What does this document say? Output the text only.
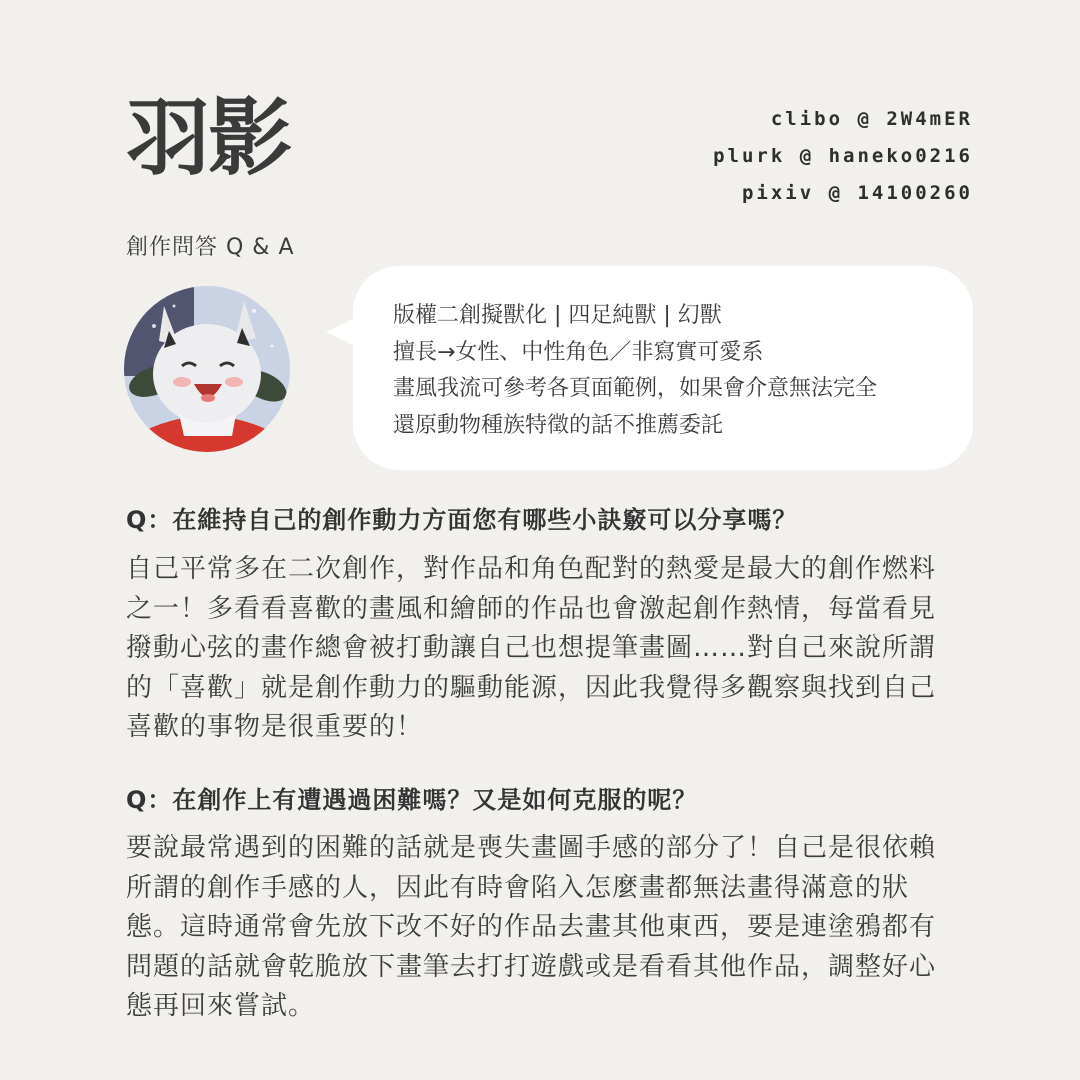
羽影	clibo @ 2W4mER
plurk @ haneko0216
pixiv @ 14100260
創作問答 Q & A
版權二創擬獸化 | 四足純獸 | 幻獸
擅長→女性、中性角色／非寫實可愛系
畫風我流可參考各頁面範例，如果會介意無法完全
還原動物種族特徵的話不推薦委託
Q：在維持自己的創作動力方面您有哪些小訣竅可以分享嗎？

自己平常多在二次創作，對作品和角色配對的熱愛是最大的創作燃料

之一！多看看喜歡的畫風和繪師的作品也會激起創作熱情，每當看見

撥動心弦的畫作總會被打動讓自己也想提筆畫圖……對自己來說所謂

的「喜歡」就是創作動力的驅動能源，因此我覺得多觀察與找到自己

喜歡的事物是很重要的！

Q：在創作上有遭遇過困難嗎？又是如何克服的呢？

要說最常遇到的困難的話就是喪失畫圖手感的部分了！自己是很依賴

所謂的創作手感的人，因此有時會陷入怎麼畫都無法畫得滿意的狀

態。這時通常會先放下改不好的作品去畫其他東西，要是連塗鴉都有

問題的話就會乾脆放下畫筆去打打遊戲或是看看其他作品，調整好心

態再回來嘗試。
